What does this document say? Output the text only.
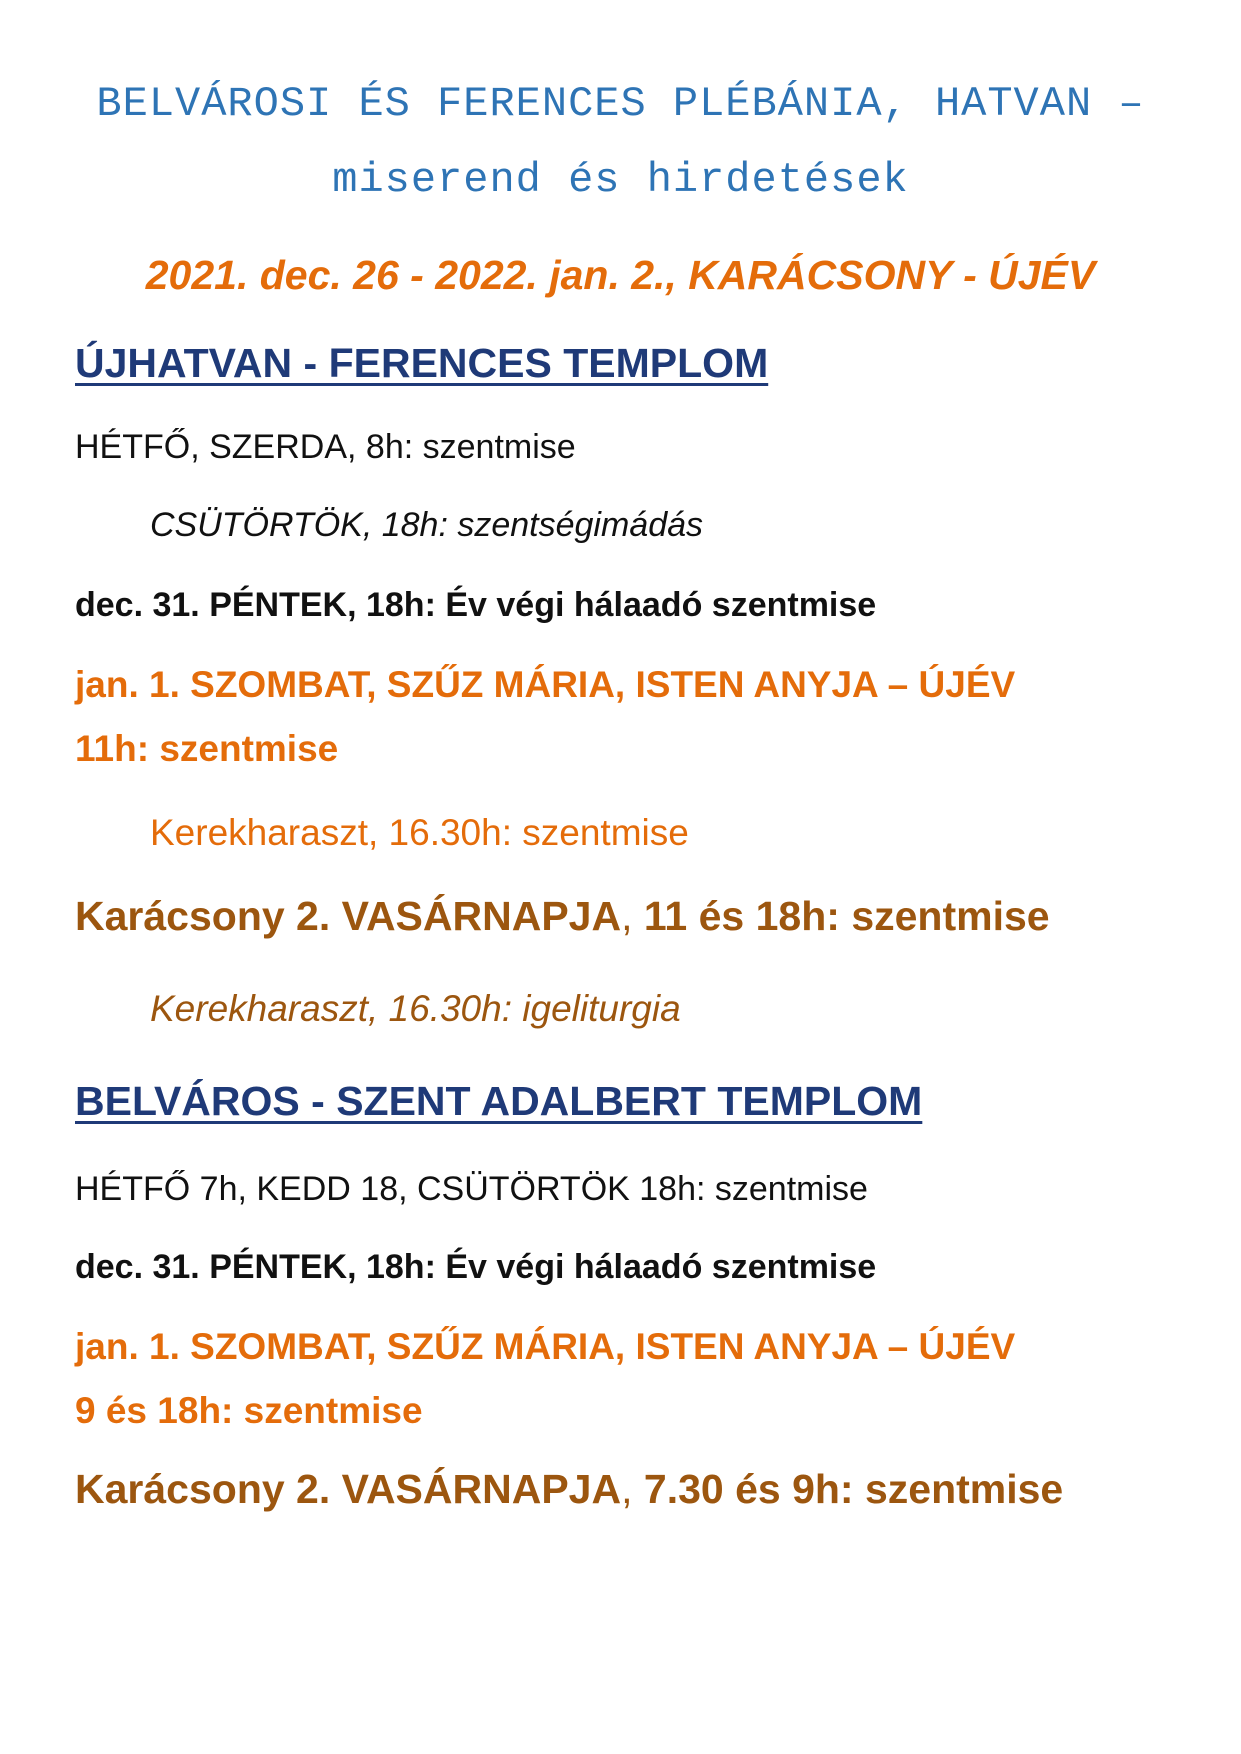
BELVÁROSI ÉS FERENCES PLÉBÁNIA, HATVAN –
miserend és hirdetések
2021. dec. 26 - 2022. jan. 2., KARÁCSONY - ÚJÉV
ÚJHATVAN - FERENCES TEMPLOM
HÉTFŐ, SZERDA, 8h: szentmise
CSÜTÖRTÖK, 18h: szentségimádás
dec. 31. PÉNTEK, 18h: Év végi hálaadó szentmise
jan. 1. SZOMBAT, SZŰZ MÁRIA, ISTEN ANYJA – ÚJÉV
11h: szentmise
Kerekharaszt, 16.30h: szentmise
Karácsony 2. VASÁRNAPJA, 11 és 18h: szentmise
Kerekharaszt, 16.30h: igeliturgia
BELVÁROS - SZENT ADALBERT TEMPLOM
HÉTFŐ 7h, KEDD 18, CSÜTÖRTÖK 18h: szentmise
dec. 31. PÉNTEK, 18h: Év végi hálaadó szentmise
jan. 1. SZOMBAT, SZŰZ MÁRIA, ISTEN ANYJA – ÚJÉV
9 és 18h: szentmise
Karácsony 2. VASÁRNAPJA, 7.30 és 9h: szentmise
